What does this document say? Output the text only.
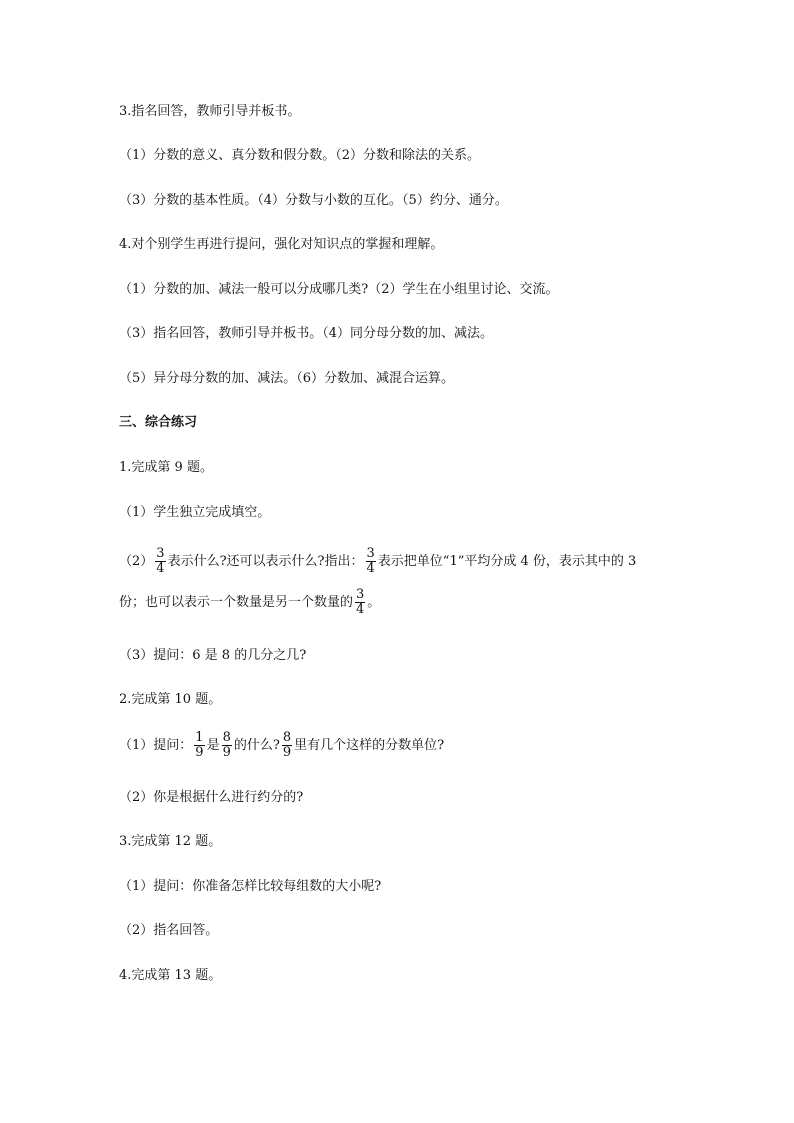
3.指名回答，教师引导并板书。
（1）分数的意义、真分数和假分数。（2）分数和除法的关系。
（3）分数的基本性质。（4）分数与小数的互化。（5）约分、通分。
4.对个别学生再进行提问，强化对知识点的掌握和理解。
（1）分数的加、减法一般可以分成哪几类?（2）学生在小组里讨论、交流。
（3）指名回答，教师引导并板书。（4）同分母分数的加、减法。
（5）异分母分数的加、减法。（6）分数加、减混合运算。
三、综合练习
1.完成第 9 题。
（1）学生独立完成填空。
$(2) \frac{3}{4}$ 表示什么?还可以表示什么?指出： $\frac{3}{4}$ 表示把单位“1”平均分成 4 份，表示其中的 3
份；也可以表示一个数量是另一个数量的 $\frac{3}{4}$ 。
（3）提问：6 是 8 的几分之几?
2.完成第 10 题。
（1）提问： $\frac{1}{9}$ 是 $\frac{8}{9}$ 的什么? $\frac{8}{9}$ 里有几个这样的分数单位?
（2）你是根据什么进行约分的?
3.完成第 12 题。
（1）提问：你准备怎样比较每组数的大小呢?
（2）指名回答。
4.完成第 13 题。
